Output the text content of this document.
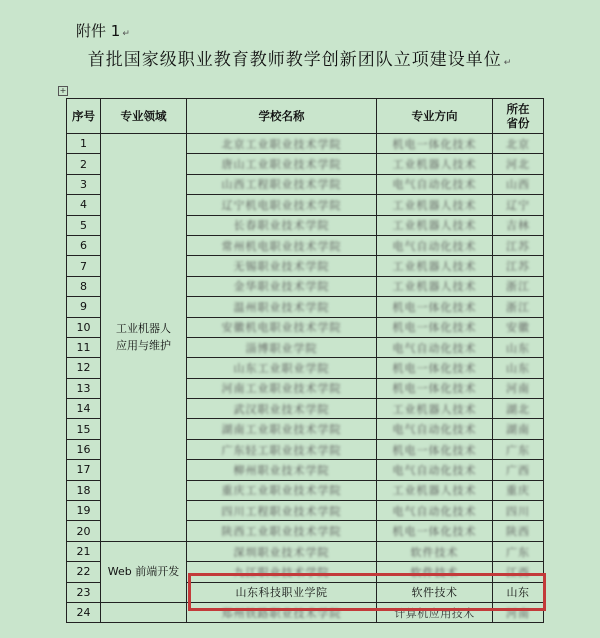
附件 1 ↵
首批国家级职业教育教师教学创新团队立项建设单位 ↵
+
序号	专业领域	学校名称	专业方向	所在
省份
1	工业机器人
应用与维护	北京工业职业技术学院	机电一体化技术	北京
2		唐山工业职业技术学院	工业机器人技术	河北
3		山西工程职业技术学院	电气自动化技术	山西
4		辽宁机电职业技术学院	工业机器人技术	辽宁
5		长春职业技术学院	工业机器人技术	吉林
6		常州机电职业技术学院	电气自动化技术	江苏
7		无锡职业技术学院	工业机器人技术	江苏
8		金华职业技术学院	工业机器人技术	浙江
9		温州职业技术学院	机电一体化技术	浙江
10		安徽机电职业技术学院	机电一体化技术	安徽
11		淄博职业学院	电气自动化技术	山东
12		山东工业职业学院	机电一体化技术	山东
13		河南工业职业技术学院	机电一体化技术	河南
14		武汉职业技术学院	工业机器人技术	湖北
15		湖南工业职业技术学院	电气自动化技术	湖南
16		广东轻工职业技术学院	机电一体化技术	广东
17		柳州职业技术学院	电气自动化技术	广西
18		重庆工业职业技术学院	工业机器人技术	重庆
19		四川工程职业技术学院	电气自动化技术	四川
20		陕西工业职业技术学院	机电一体化技术	陕西
21	Web 前端开发	深圳职业技术学院	软件技术	广东
22		九江职业技术学院	软件技术	江西
23		山东科技职业学院	软件技术	山东
24		郑州铁路职业技术学院	计算机应用技术	河南
